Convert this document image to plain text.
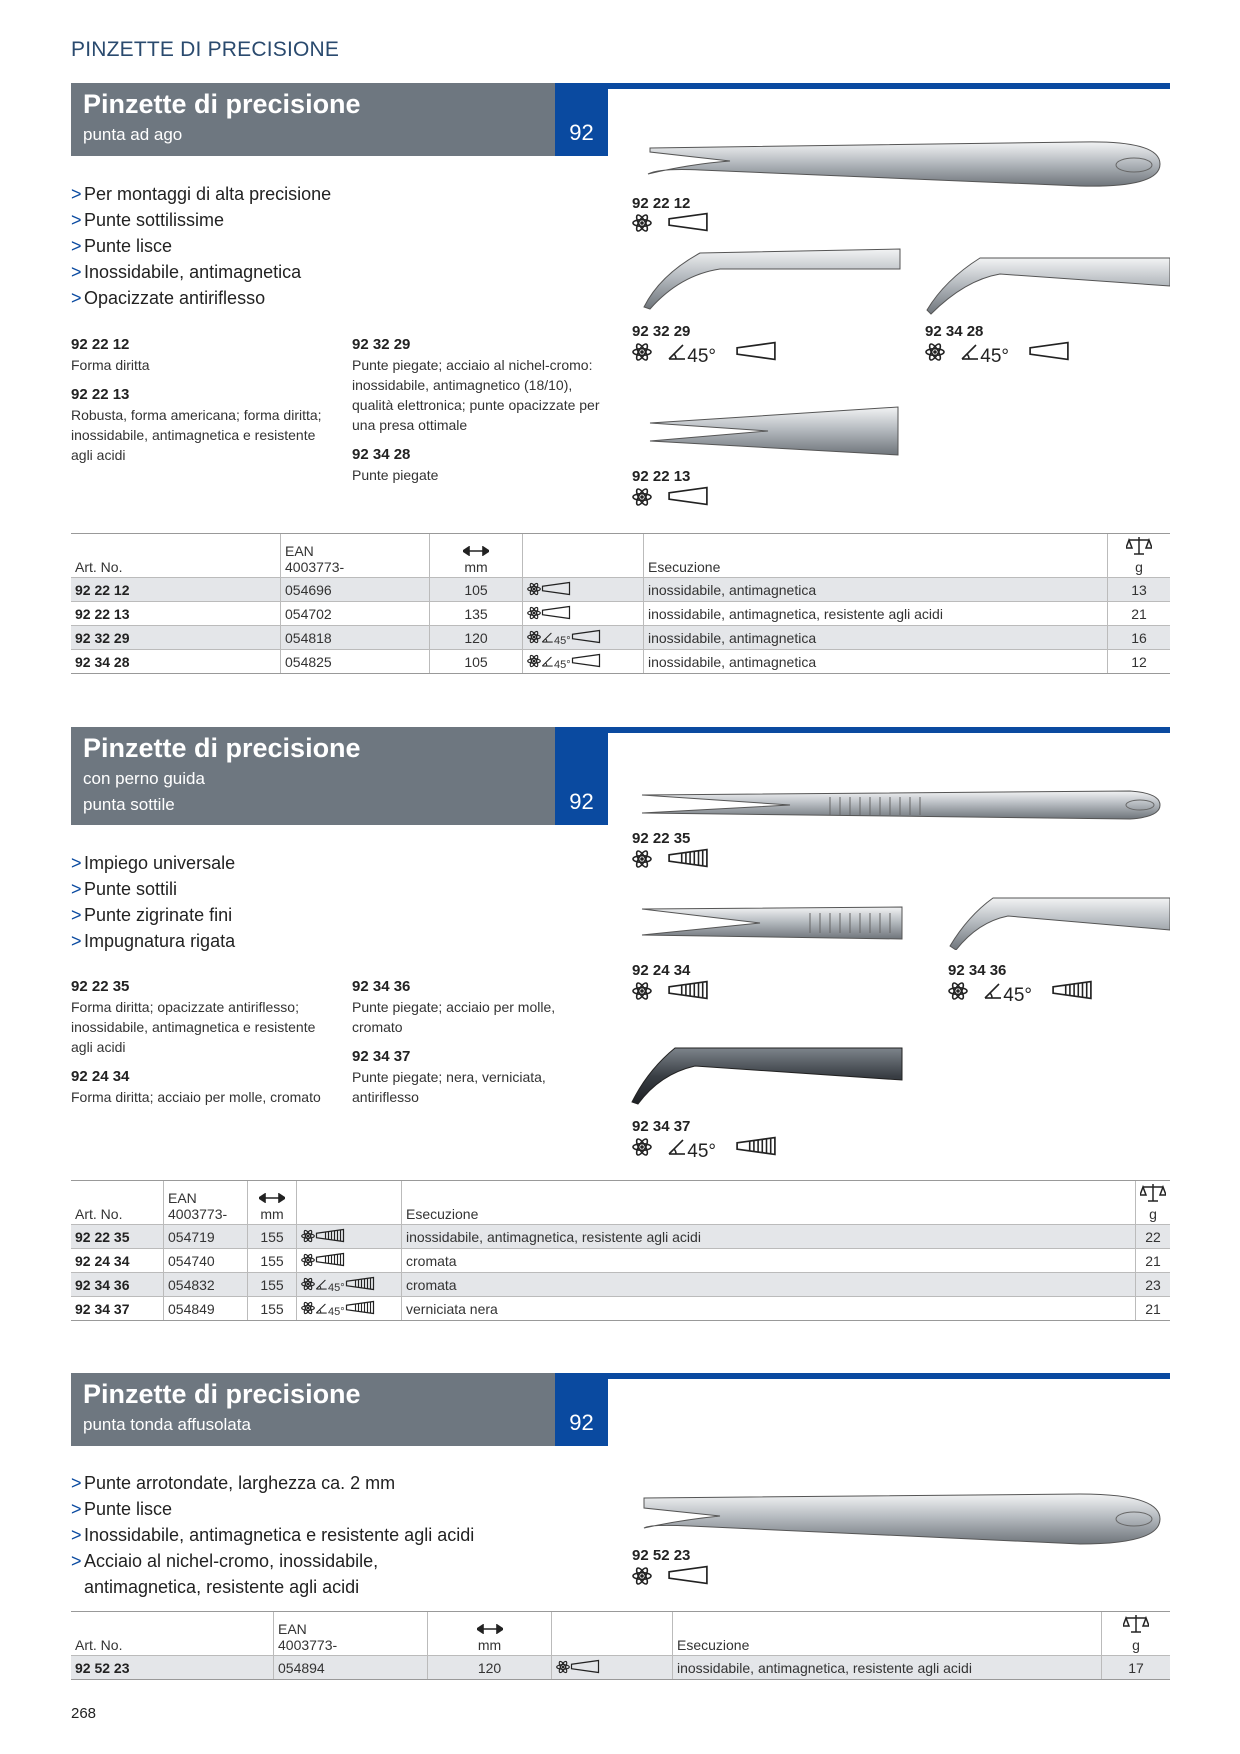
PINZETTE DI PRECISIONE
Pinzette di precisione
punta ad ago	92
> Per montaggi di alta precisione
> Punte sottilissime
> Punte lisce
> Inossidabile, antimagnetica
> Opacizzate antiriflesso
92 22 12
Forma diritta
92 22 13
Robusta, forma americana; forma diritta; inossidabile, antimagnetica e resistente agli acidi
92 32 29
Punte piegate; acciaio al nichel-cromo: inossidabile, antimagnetico (18/10), qualità elettronica; punte opacizzate per una presa ottimale
92 34 28
Punte piegate
92 22 12

92 32 29
45°
92 34 28
45°
92 22 13

Art. No.	EAN
4003773-	mm		Esecuzione	g
92 22 12	054696	105		inossidabile, antimagnetica	13
92 22 13	054702	135		inossidabile, antimagnetica, resistente agli acidi	21
92 32 29	054818	120	45°	inossidabile, antimagnetica	16
92 34 28	054825	105	45°	inossidabile, antimagnetica	12
Pinzette di precisione
con perno guida
punta sottile	92
> Impiego universale
> Punte sottili
> Punte zigrinate fini
> Impugnatura rigata
92 22 35
Forma diritta; opacizzate antiriflesso; inossidabile, antimagnetica e resistente agli acidi
92 24 34
Forma diritta; acciaio per molle, cromato
92 34 36
Punte piegate; acciaio per molle, cromato
92 34 37
Punte piegate; nera, verniciata, antiriflesso
92 22 35

92 24 34
	92 34 36
45°
92 34 37
45°
Art. No.	EAN
4003773-	mm		Esecuzione	g
92 22 35	054719	155		inossidabile, antimagnetica, resistente agli acidi	22
92 24 34	054740	155		cromata	21
92 34 36	054832	155	45°	cromata	23
92 34 37	054849	155	45°	verniciata nera	21
Pinzette di precisione
punta tonda affusolata	92
> Punte arrotondate, larghezza ca. 2 mm
> Punte lisce
> Inossidabile, antimagnetica e resistente agli acidi
> Acciaio al nichel-cromo, inossidabile, antimagnetica, resistente agli acidi
92 52 23

Art. No.	EAN
4003773-	mm		Esecuzione	g
92 52 23	054894	120		inossidabile, antimagnetica, resistente agli acidi	17
268
